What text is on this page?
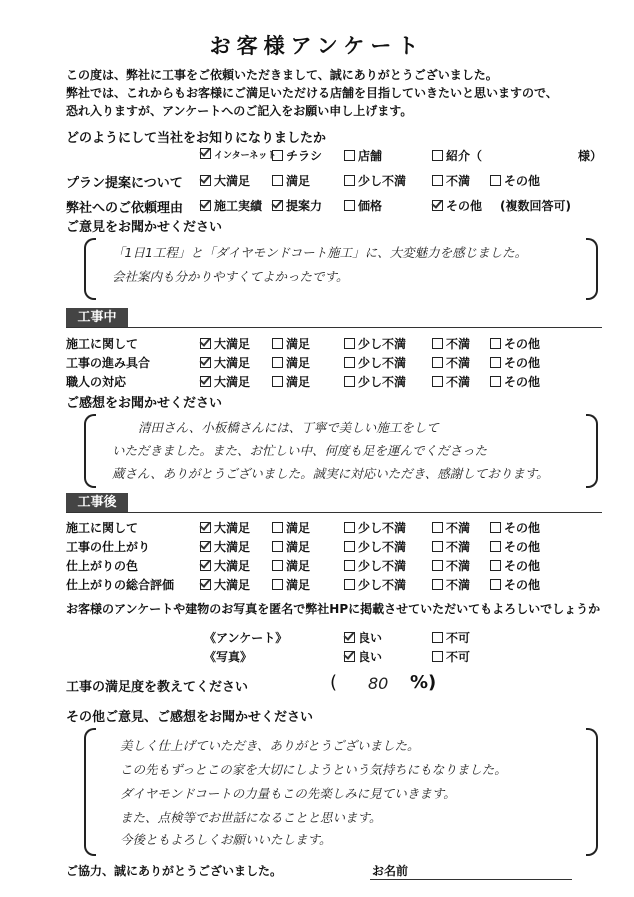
お客様アンケート
この度は、弊社に工事をご依頼いただきまして、誠にありがとうございました。
弊社では、これからもお客様にご満足いただける店舗を目指していきたいと思いますので、
恐れ入りますが、アンケートへのご記入をお願い申し上げます。
どのようにして当社をお知りになりましたか
インターネット チラシ	店舗	紹介（	様）
プラン提案について	大満足	満足	少し不満	不満	その他
弊社へのご依頼理由	施工実績	提案力	価格	その他 (複数回答可)
ご意見をお聞かせください
「1日1工程」と「ダイヤモンドコート施工」に、大変魅力を感じました。
会社案内も分かりやすくてよかったです。
工事中
施工に関して	大満足	満足	少し不満	不満	その他
工事の進み具合	大満足	満足	少し不満	不満	その他
職人の対応	大満足	満足	少し不満	不満	その他
ご感想をお聞かせください
清田さん、小板橋さんには、丁寧で美しい施工をして
いただきました。また、お忙しい中、何度も足を運んでくださった
蔵さん、ありがとうございました。誠実に対応いただき、感謝しております。
工事後
施工に関して	大満足	満足	少し不満	不満	その他
工事の仕上がり	大満足	満足	少し不満	不満	その他
仕上がりの色	大満足	満足	少し不満	不満	その他
仕上がりの総合評価	大満足	満足	少し不満	不満	その他
お客様のアンケートや建物のお写真を匿名で弊社HPに掲載させていただいてもよろしいでしょうか
《アンケート》	良い	不可
《写真》	良い	不可
工事の満足度を教えてください	( 80 %)
その他ご意見、ご感想をお聞かせください
美しく仕上げていただき、ありがとうございました。
この先もずっとこの家を大切にしようという気持ちにもなりました。
ダイヤモンドコートの力量もこの先楽しみに見ていきます。
また、点検等でお世話になることと思います。
今後ともよろしくお願いいたします。
ご協力、誠にありがとうございました。	お名前
